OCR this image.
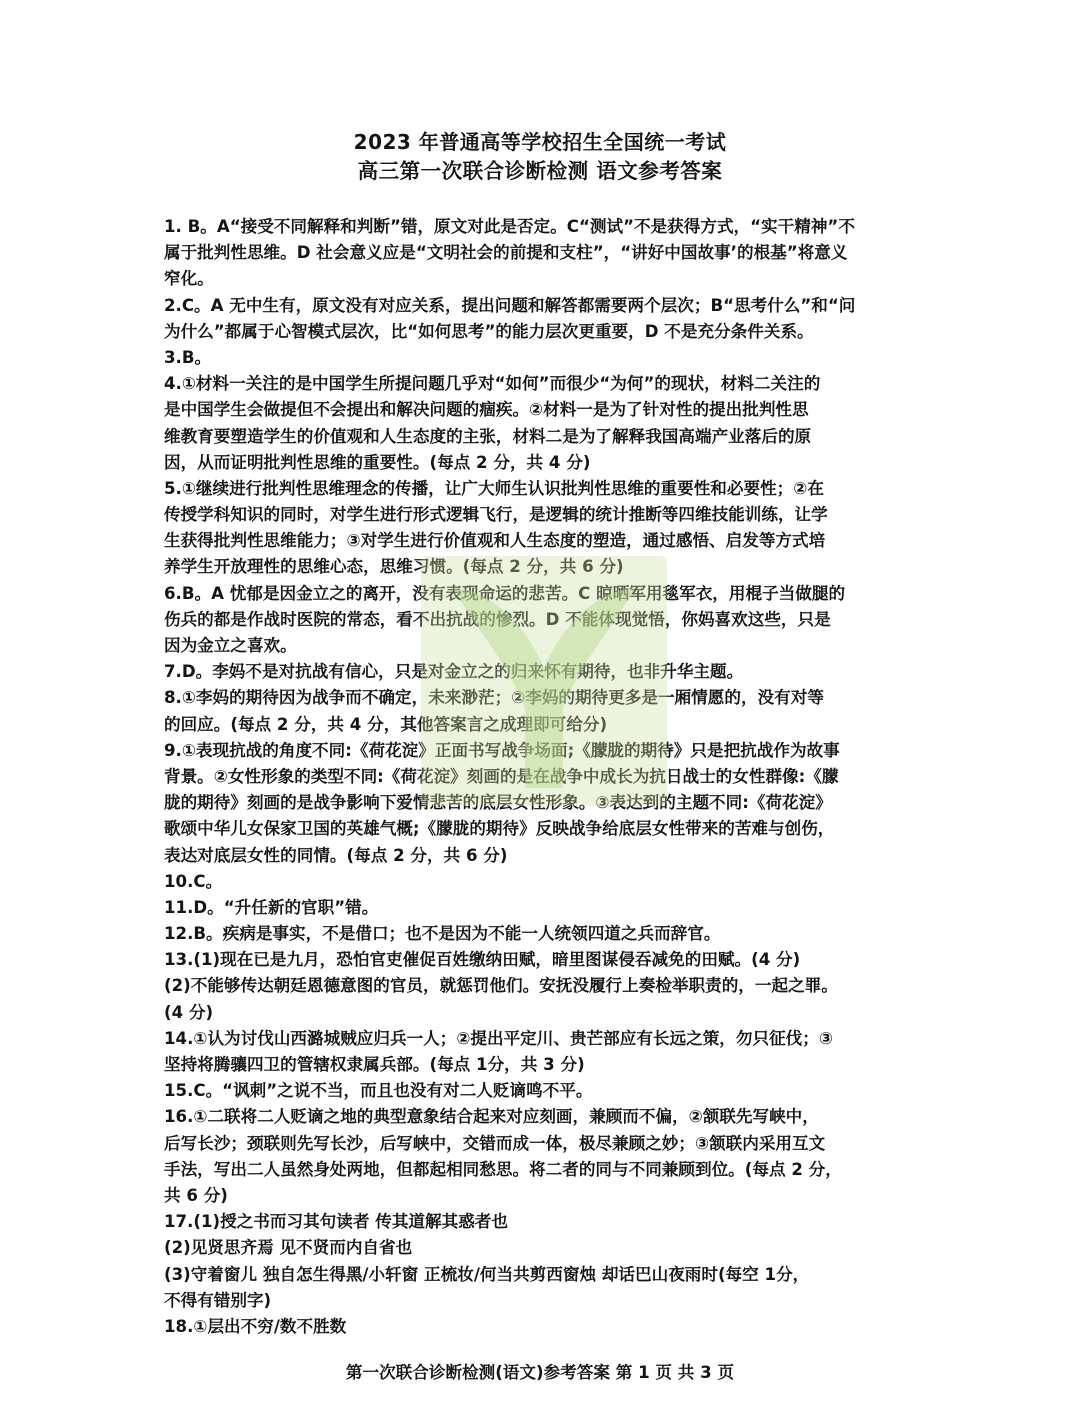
2023 年普通高等学校招生全国统一考试
高三第一次联合诊断检测 语文参考答案
1. B。A“接受不同解释和判断”错，原文对此是否定。C“测试”不是获得方式，“实干精神”不
属于批判性思维。D 社会意义应是“文明社会的前提和支柱”，“讲好中国故事’的根基”将意义
窄化。
2.C。A 无中生有，原文没有对应关系，提出问题和解答都需要两个层次；B“思考什么”和“问
为什么”都属于心智模式层次，比“如何思考”的能力层次更重要，D 不是充分条件关系。
3.B。
4.①材料一关注的是中国学生所提问题几乎对“如何”而很少“为何”的现状，材料二关注的
是中国学生会做提但不会提出和解决问题的痼疾。②材料一是为了针对性的提出批判性思
维教育要塑造学生的价值观和人生态度的主张，材料二是为了解释我国高端产业落后的原
因，从而证明批判性思维的重要性。(每点 2 分，共 4 分)
5.①继续进行批判性思维理念的传播，让广大师生认识批判性思维的重要性和必要性；②在
传授学科知识的同时，对学生进行形式逻辑飞行，是逻辑的统计推断等四维技能训练，让学
生获得批判性思维能力；③对学生进行价值观和人生态度的塑造，通过感悟、启发等方式培
养学生开放理性的思维心态，思维习惯。(每点 2 分，共 6 分)
6.B。A 忧郁是因金立之的离开，没有表现命运的悲苦。C 晾晒军用毯军衣，用棍子当做腿的
伤兵的都是作战时医院的常态，看不出抗战的惨烈。D 不能体现觉悟，你妈喜欢这些，只是
因为金立之喜欢。
7.D。李妈不是对抗战有信心，只是对金立之的归来怀有期待，也非升华主题。
8.①李妈的期待因为战争而不确定，未来渺茫；②李妈的期待更多是一厢情愿的，没有对等
的回应。(每点 2 分，共 4 分，其他答案言之成理即可给分)
9.①表现抗战的角度不同:《荷花淀》正面书写战争场面;《朦胧的期待》只是把抗战作为故事
背景。②女性形象的类型不同:《荷花淀》刻画的是在战争中成长为抗日战士的女性群像:《朦
胧的期待》刻画的是战争影响下爱情悲苦的底层女性形象。③表达到的主题不同:《荷花淀》
歌颂中华儿女保家卫国的英雄气概;《朦胧的期待》反映战争给底层女性带来的苦难与创伤，
表达对底层女性的同情。(每点 2 分，共 6 分)
10.C。
11.D。“升任新的官职”错。
12.B。疾病是事实，不是借口；也不是因为不能一人统领四道之兵而辞官。
13.(1)现在已是九月，恐怕官吏催促百姓缴纳田赋，暗里图谋侵吞减免的田赋。(4 分)
(2)不能够传达朝廷恩德意图的官员，就惩罚他们。安抚没履行上奏检举职责的，一起之罪。
(4 分)
14.①认为讨伐山西潞城贼应归兵一人；②提出平定川、贵芒部应有长远之策，勿只征伐；③
坚持将腾骧四卫的管辖权隶属兵部。(每点 1分，共 3 分)
15.C。“讽刺”之说不当，而且也没有对二人贬谪鸣不平。
16.①二联将二人贬谪之地的典型意象结合起来对应刻画，兼顾而不偏，②颔联先写峡中，
后写长沙；颈联则先写长沙，后写峡中，交错而成一体，极尽兼顾之妙；③颔联内采用互文
手法，写出二人虽然身处两地，但都起相同愁思。将二者的同与不同兼顾到位。(每点 2 分，
共 6 分)
17.(1)授之书而习其句读者 传其道解其惑者也
(2)见贤思齐焉 见不贤而内自省也
(3)守着窗儿 独自怎生得黑/小轩窗 正梳妆/何当共剪西窗烛 却话巴山夜雨时(每空 1分，
不得有错别字)
18.①层出不穷/数不胜数
第一次联合诊断检测(语文)参考答案 第 1 页 共 3 页
